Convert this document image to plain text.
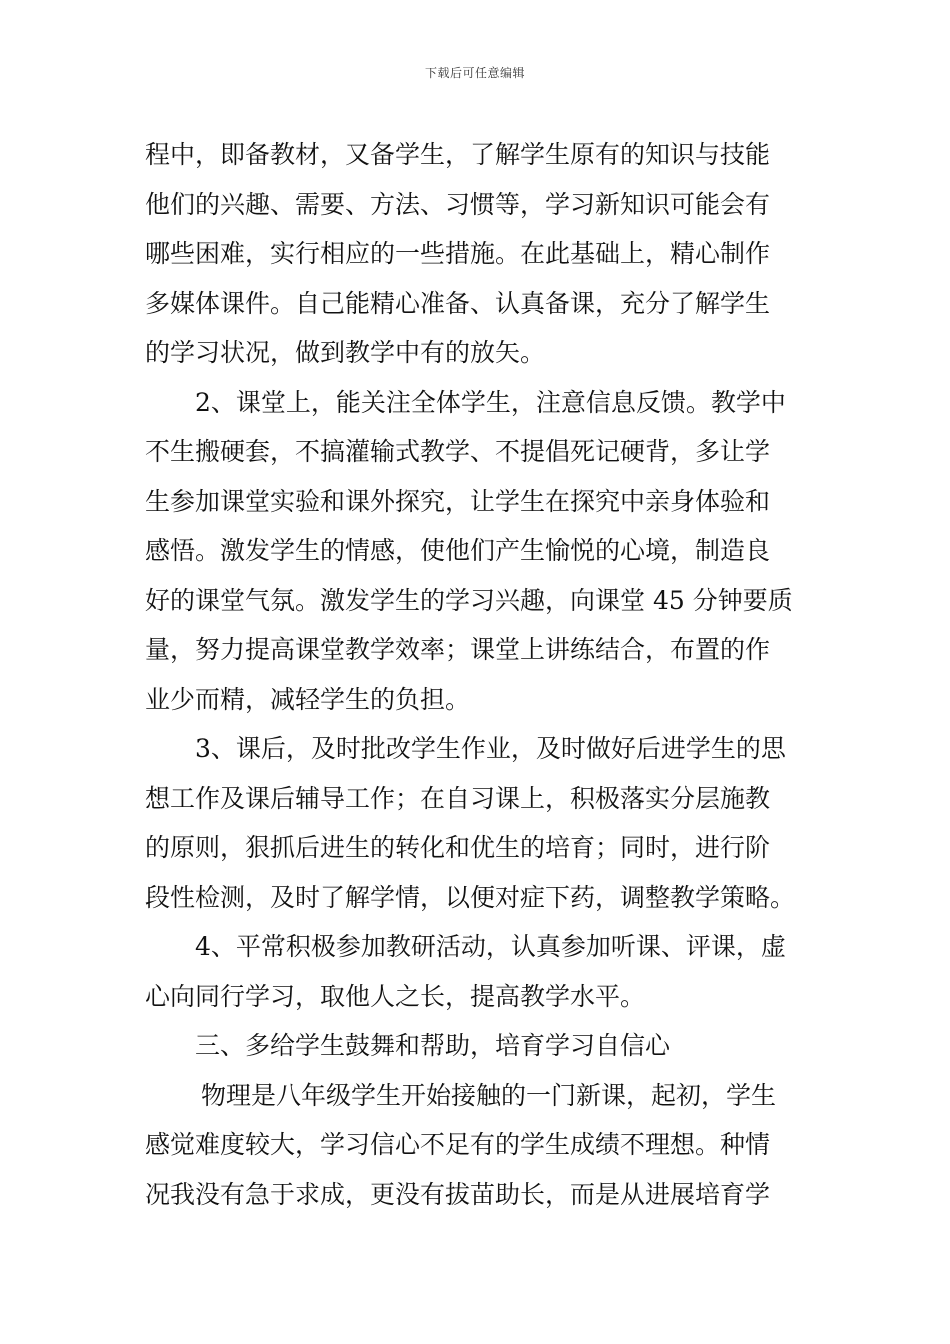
下载后可任意编辑
程中，即备教材，又备学生，了解学生原有的知识与技能
他们的兴趣、需要、方法、习惯等，学习新知识可能会有
哪些困难，实行相应的一些措施。在此基础上，精心制作
多媒体课件。自己能精心准备、认真备课，充分了解学生
的学习状况，做到教学中有的放矢。
2、课堂上，能关注全体学生，注意信息反馈。教学中
不生搬硬套，不搞灌输式教学、不提倡死记硬背，多让学
生参加课堂实验和课外探究，让学生在探究中亲身体验和
感悟。激发学生的情感，使他们产生愉悦的心境，制造良
好的课堂气氛。激发学生的学习兴趣，向课堂 45 分钟要质
量，努力提高课堂教学效率；课堂上讲练结合，布置的作
业少而精，减轻学生的负担。
3、课后，及时批改学生作业，及时做好后进学生的思
想工作及课后辅导工作；在自习课上，积极落实分层施教
的原则，狠抓后进生的转化和优生的培育；同时，进行阶
段性检测，及时了解学情，以便对症下药，调整教学策略。
4、平常积极参加教研活动，认真参加听课、评课，虚
心向同行学习，取他人之长，提高教学水平。
三、多给学生鼓舞和帮助，培育学习自信心
物理是八年级学生开始接触的一门新课，起初，学生
感觉难度较大，学习信心不足有的学生成绩不理想。种情
况我没有急于求成，更没有拔苗助长，而是从进展培育学
